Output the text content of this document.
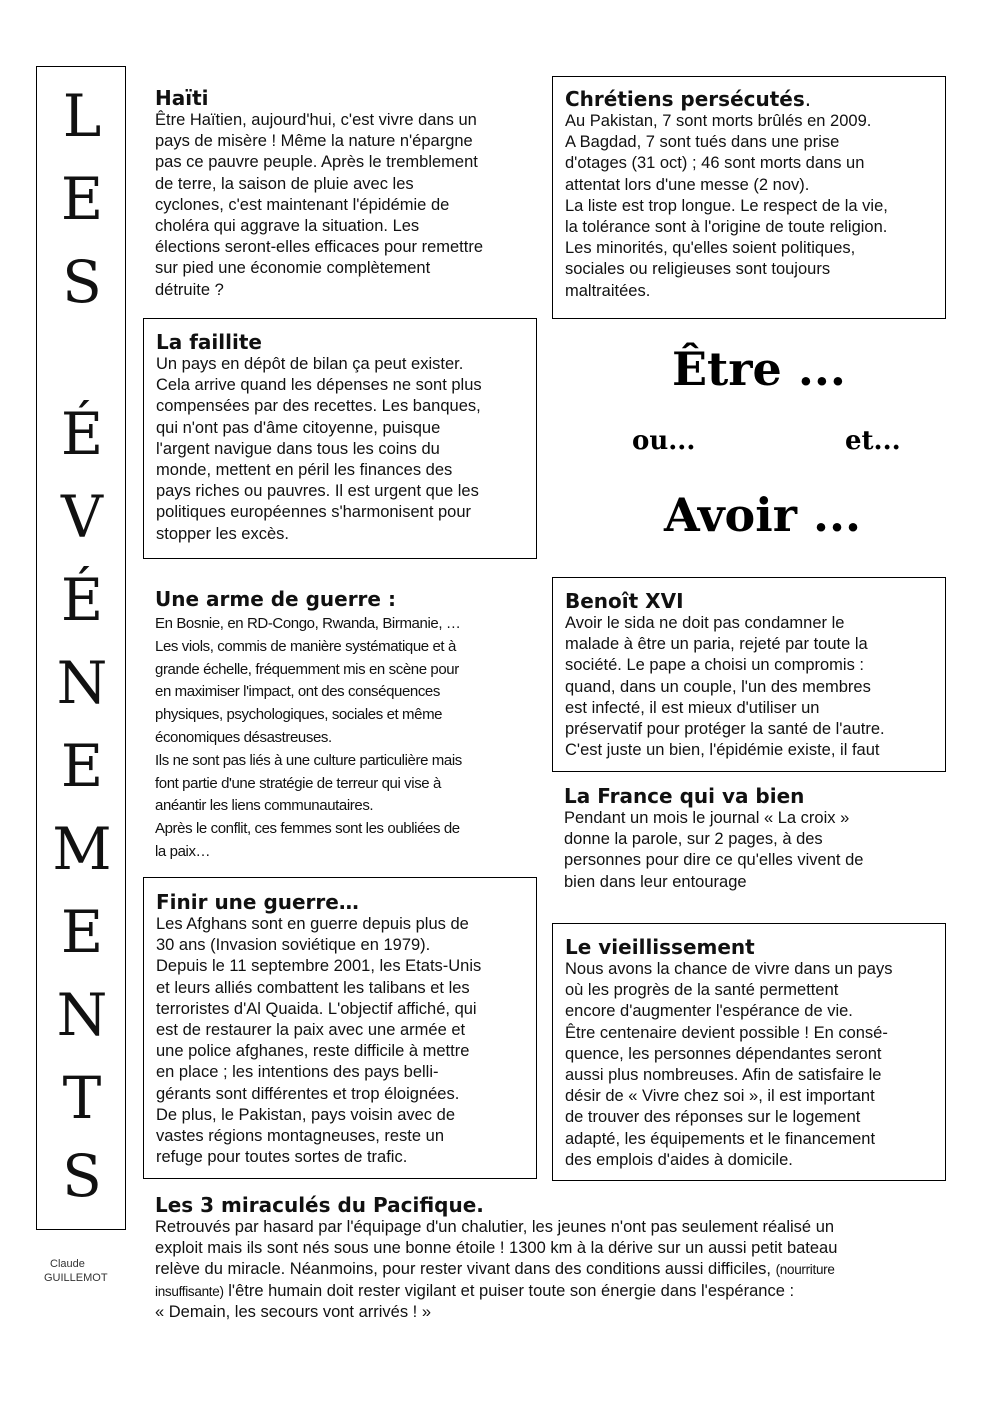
L
E
S
É
V
É
N
E
M
E
N
T
S
Claude
GUILLEMOT
Haïti

Être Haïtien, aujourd'hui, c'est vivre dans un

pays de misère ! Même la nature n'épargne

pas ce pauvre peuple. Après le tremblement

de terre, la saison de pluie avec les

cyclones, c'est maintenant l'épidémie de

choléra qui aggrave la situation. Les

élections seront-elles efficaces pour remettre

sur pied une économie complètement

détruite ?

Chrétiens persécutés.

Au Pakistan, 7 sont morts brûlés en 2009.

A Bagdad, 7 sont tués dans une prise

d'otages (31 oct) ; 46 sont morts dans un

attentat lors d'une messe (2 nov).

La liste est trop longue. Le respect de la vie,

la tolérance sont à l'origine de toute religion.

Les minorités, qu'elles soient politiques,

sociales ou religieuses sont toujours

maltraitées.

La faillite

Un pays en dépôt de bilan ça peut exister.

Cela arrive quand les dépenses ne sont plus

compensées par des recettes. Les banques,

qui n'ont pas d'âme citoyenne, puisque

l'argent navigue dans tous les coins du

monde, mettent en péril les finances des

pays riches ou pauvres. Il est urgent que les

politiques européennes s'harmonisent pour

stopper les excès.

Être ...
ou...	et...
Avoir ...
Une arme de guerre :

En Bosnie, en RD-Congo, Rwanda, Birmanie, …

Les viols, commis de manière systématique et à

grande échelle, fréquemment mis en scène pour

en maximiser l'impact, ont des conséquences

physiques, psychologiques, sociales et même

économiques désastreuses.

Ils ne sont pas liés à une culture particulière mais

font partie d'une stratégie de terreur qui vise à

anéantir les liens communautaires.

Après le conflit, ces femmes sont les oubliées de

la paix…

Benoît XVI

Avoir le sida ne doit pas condamner le

malade à être un paria, rejeté par toute la

société. Le pape a choisi un compromis :

quand, dans un couple, l'un des membres

est infecté, il est mieux d'utiliser un

préservatif pour protéger la santé de l'autre.

C'est juste un bien, l'épidémie existe, il faut

La France qui va bien

Pendant un mois le journal « La croix »

donne la parole, sur 2 pages, à des

personnes pour dire ce qu'elles vivent de

bien dans leur entourage

Finir une guerre…

Les Afghans sont en guerre depuis plus de

30 ans (Invasion soviétique en 1979).

Depuis le 11 septembre 2001, les Etats-Unis

et leurs alliés combattent les talibans et les

terroristes d'Al Quaida. L'objectif affiché, qui

est de restaurer la paix avec une armée et

une police afghanes, reste difficile à mettre

en place ; les intentions des pays belli-

gérants sont différentes et trop éloignées.

De plus, le Pakistan, pays voisin avec de

vastes régions montagneuses, reste un

refuge pour toutes sortes de trafic.

Le vieillissement

Nous avons la chance de vivre dans un pays

où les progrès de la santé permettent

encore d'augmenter l'espérance de vie.

Être centenaire devient possible ! En consé-

quence, les personnes dépendantes seront

aussi plus nombreuses. Afin de satisfaire le

désir de « Vivre chez soi », il est important

de trouver des réponses sur le logement

adapté, les équipements et le financement

des emplois d'aides à domicile.

Les 3 miraculés du Pacifique.

Retrouvés par hasard par l'équipage d'un chalutier, les jeunes n'ont pas seulement réalisé un

exploit mais ils sont nés sous une bonne étoile ! 1300 km à la dérive sur un aussi petit bateau

relève du miracle. Néanmoins, pour rester vivant dans des conditions aussi difficiles, (nourriture

insuffisante) l'être humain doit rester vigilant et puiser toute son énergie dans l'espérance :

« Demain, les secours vont arrivés ! »
